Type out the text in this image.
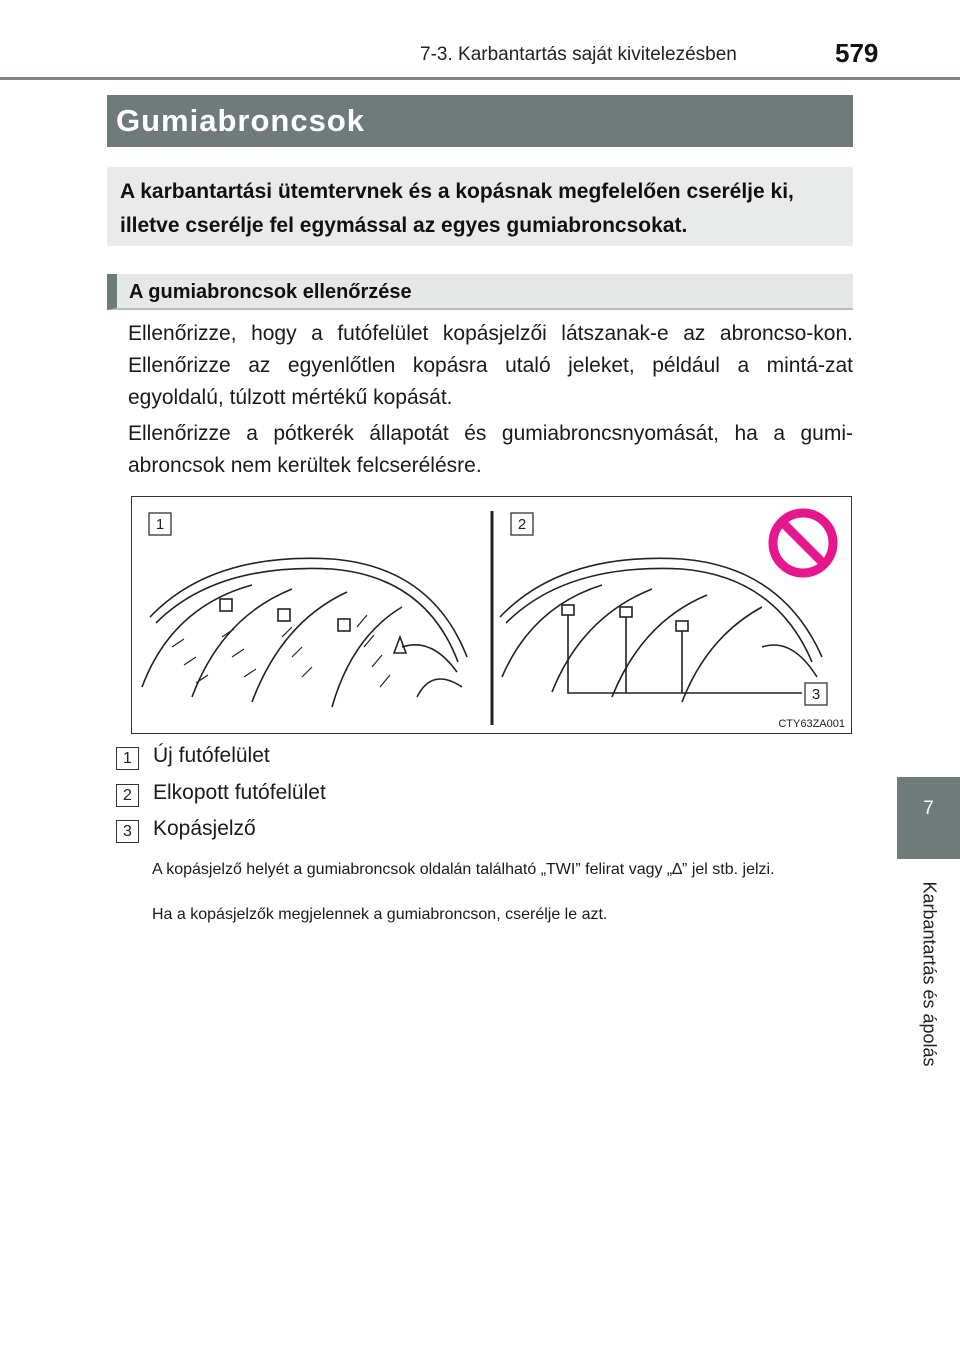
7-3. Karbantartás saját kivitelezésben	579
7
Karbantartás és ápolás
Gumiabroncsok
A karbantartási ütemtervnek és a kopásnak megfelelően cserélje ki, illetve cserélje fel egymással az egyes gumiabroncsokat.
A gumiabroncsok ellenőrzése
Ellenőrizze, hogy a futófelület kopásjelzői látszanak-e az abroncso-kon. Ellenőrizze az egyenlőtlen kopásra utaló jeleket, például a mintá-zat egyoldalú, túlzott mértékű kopását.
Ellenőrizze a pótkerék állapotát és gumiabroncsnyomását, ha a gumi-abroncsok nem kerültek felcserélésre.
1	2
3
CTY63ZA001
1	Új futófelület
2	Elkopott futófelület
3	Kopásjelző
A kopásjelző helyét a gumiabroncsok oldalán található „TWI” felirat vagy „∆” jel stb. jelzi.
Ha a kopásjelzők megjelennek a gumiabroncson, cserélje le azt.
